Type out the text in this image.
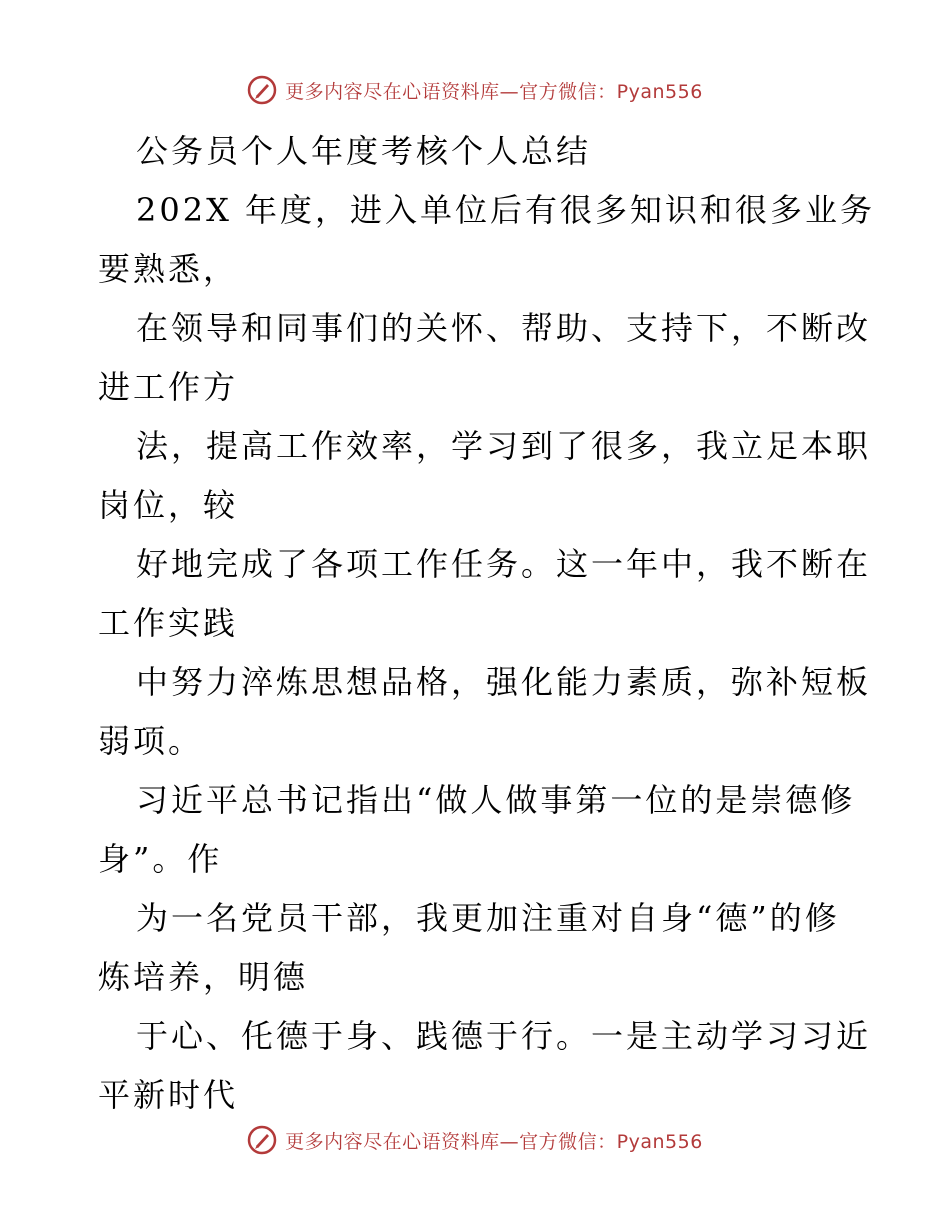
更多内容尽在心语资料库—官方微信：Pyan556
公务员个人年度考核个人总结
202X 年度，进入单位后有很多知识和很多业务
要熟悉，
在领导和同事们的关怀、帮助、支持下，不断改
进工作方
法，提高工作效率，学习到了很多，我立足本职
岗位，较
好地完成了各项工作任务。这一年中，我不断在
工作实践
中努力淬炼思想品格，强化能力素质，弥补短板
弱项。
习近平总书记指出“做人做事第一位的是崇德修
身”。作
为一名党员干部，我更加注重对自身“德”的修
炼培养，明德
于心、仛德于身、践德于行。一是主动学习习近
平新时代
更多内容尽在心语资料库—官方微信：Pyan556
